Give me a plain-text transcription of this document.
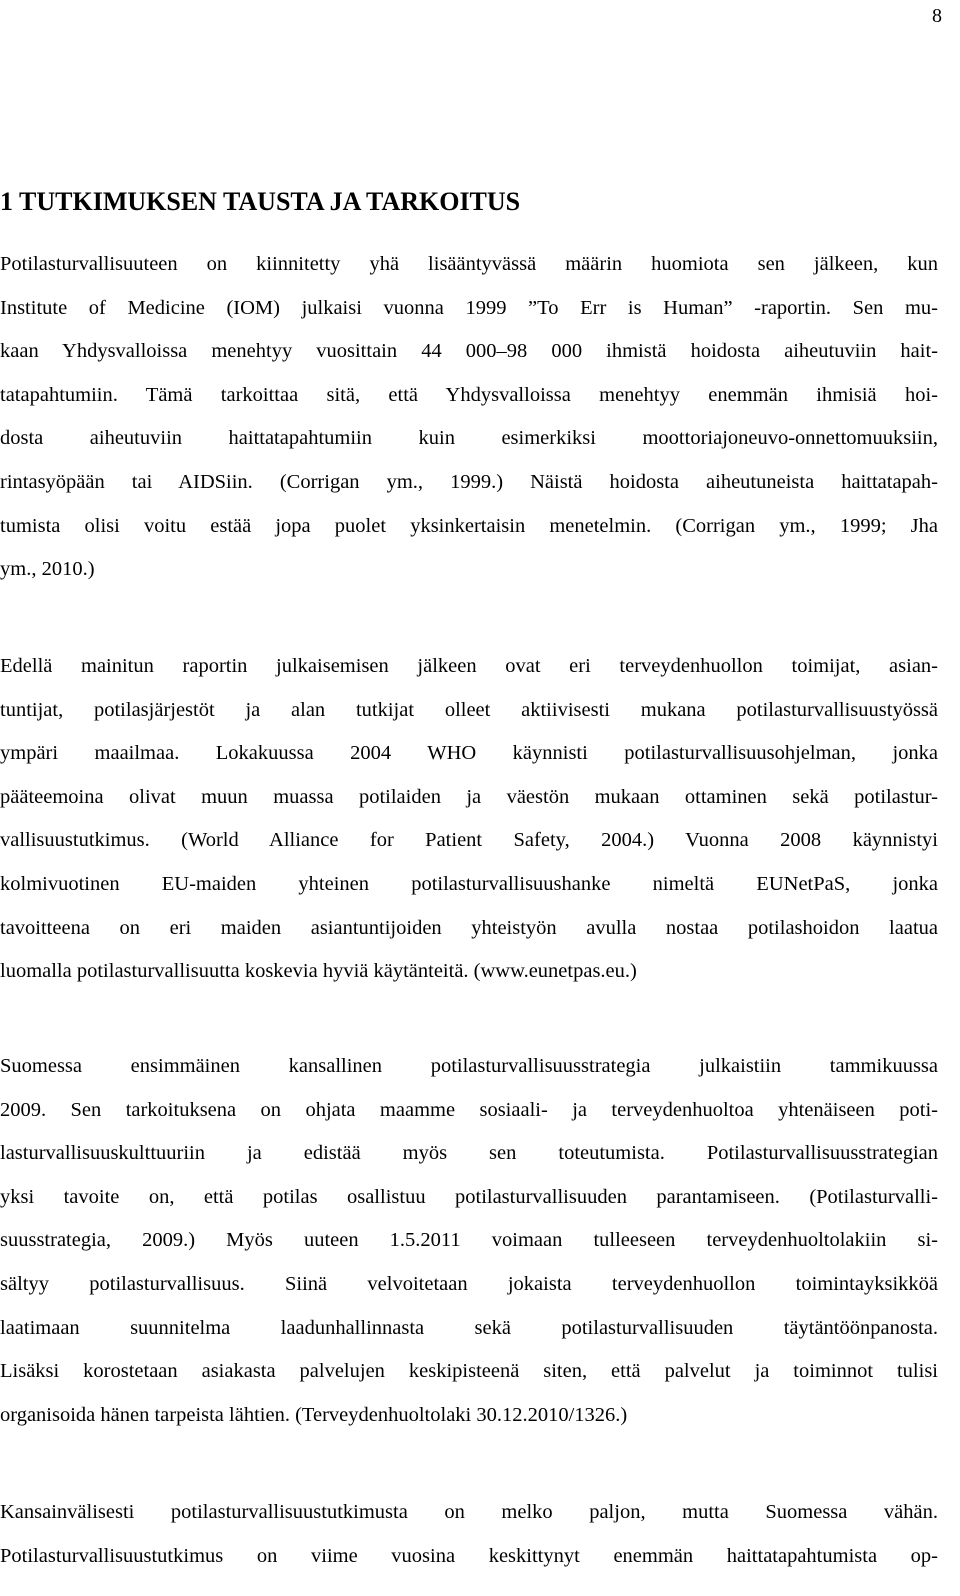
8
1 TUTKIMUKSEN TAUSTA JA TARKOITUS
Potilasturvallisuuteen on kiinnitetty yhä lisääntyvässä määrin huomiota sen jälkeen, kun
Institute of Medicine (IOM) julkaisi vuonna 1999 ”To Err is Human” -raportin. Sen mu-
kaan Yhdysvalloissa menehtyy vuosittain 44 000–98 000 ihmistä hoidosta aiheutuviin hait-
tatapahtumiin. Tämä tarkoittaa sitä, että Yhdysvalloissa menehtyy enemmän ihmisiä hoi-
dosta aiheutuviin haittatapahtumiin kuin esimerkiksi moottoriajoneuvo-onnettomuuksiin,
rintasyöpään tai AIDSiin. (Corrigan ym., 1999.) Näistä hoidosta aiheutuneista haittatapah-
tumista olisi voitu estää jopa puolet yksinkertaisin menetelmin. (Corrigan ym., 1999; Jha
ym., 2010.)
Edellä mainitun raportin julkaisemisen jälkeen ovat eri terveydenhuollon toimijat, asian-
tuntijat, potilasjärjestöt ja alan tutkijat olleet aktiivisesti mukana potilasturvallisuustyössä
ympäri maailmaa. Lokakuussa 2004 WHO käynnisti potilasturvallisuusohjelman, jonka
pääteemoina olivat muun muassa potilaiden ja väestön mukaan ottaminen sekä potilastur-
vallisuustutkimus. (World Alliance for Patient Safety, 2004.) Vuonna 2008 käynnistyi
kolmivuotinen EU-maiden yhteinen potilasturvallisuushanke nimeltä EUNetPaS, jonka
tavoitteena on eri maiden asiantuntijoiden yhteistyön avulla nostaa potilashoidon laatua
luomalla potilasturvallisuutta koskevia hyviä käytänteitä. (www.eunetpas.eu.)
Suomessa ensimmäinen kansallinen potilasturvallisuusstrategia julkaistiin tammikuussa
2009. Sen tarkoituksena on ohjata maamme sosiaali- ja terveydenhuoltoa yhtenäiseen poti-
lasturvallisuuskulttuuriin ja edistää myös sen toteutumista. Potilasturvallisuusstrategian
yksi tavoite on, että potilas osallistuu potilasturvallisuuden parantamiseen. (Potilasturvalli-
suusstrategia, 2009.) Myös uuteen 1.5.2011 voimaan tulleeseen terveydenhuoltolakiin si-
sältyy potilasturvallisuus. Siinä velvoitetaan jokaista terveydenhuollon toimintayksikköä
laatimaan suunnitelma laadunhallinnasta sekä potilasturvallisuuden täytäntöönpanosta.
Lisäksi korostetaan asiakasta palvelujen keskipisteenä siten, että palvelut ja toiminnot tulisi
organisoida hänen tarpeista lähtien. (Terveydenhuoltolaki 30.12.2010/1326.)
Kansainvälisesti potilasturvallisuustutkimusta on melko paljon, mutta Suomessa vähän.
Potilasturvallisuustutkimus on viime vuosina keskittynyt enemmän haittatapahtumista op-
